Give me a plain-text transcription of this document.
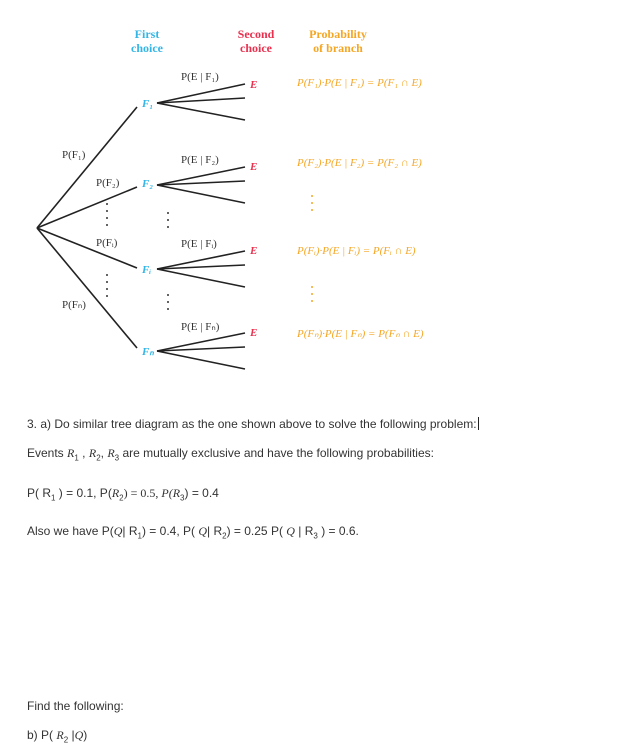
First
choice
Second
choice
Probability
of branch
P(F₁)
P(F₂)
P(Fᵢ)
P(Fₙ)
F₁
F₂
Fᵢ
Fₙ
P(E | F₁)
P(E | F₂)
P(E | Fᵢ)
P(E | Fₙ)
E
E
E
E
P(F₁)·P(E | F₁) = P(F₁ ∩ E)
P(F₂)·P(E | F₂) = P(F₂ ∩ E)
P(Fᵢ)·P(E | Fᵢ) = P(Fᵢ ∩ E)
P(Fₙ)·P(E | Fₙ) = P(Fₙ ∩ E)
3. a) Do similar tree diagram as the one shown above to solve the following problem:
Events $R_1$ , $R_2$, $R_3$ are mutually exclusive and have the following probabilities:
P( $R_1$ ) = 0.1, $P(R_2) = 0.5$, $P(R_3) = 0.4$
Also we have P(Q| $R_1) = 0.4$, P( Q| $R_2) = 0.25$ P( Q | $R_3$ ) = 0.6.
Find the following:
b) P( $R_2$ |Q)
